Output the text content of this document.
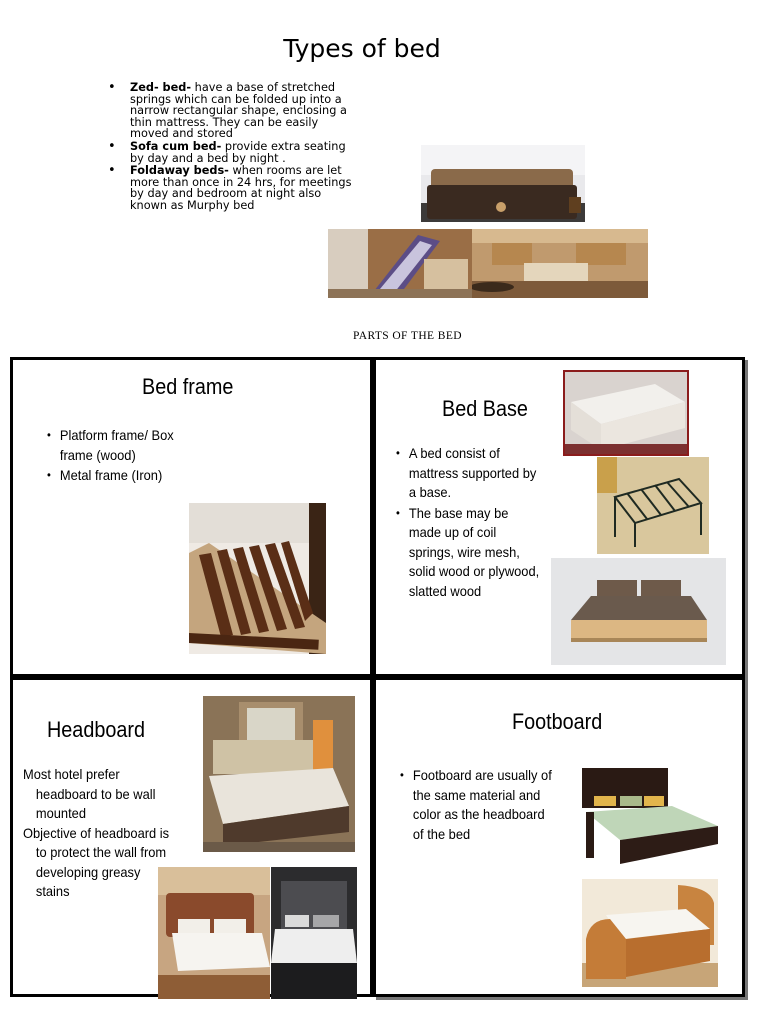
Types of bed
• Zed- bed- have a base of stretched springs which can be folded up into a narrow rectangular shape, enclosing a thin mattress. They can be easily moved and stored
• Sofa cum bed- provide extra seating by day and a bed by night .
• Foldaway beds- when rooms are let more than once in 24 hrs, for meetings by day and bedroom at night also known as Murphy bed
PARTS OF THE BED
Bed frame
• Platform frame/ Box frame (wood)
• Metal frame (Iron)
Bed Base
• A bed consist of mattress supported by a base.
• The base may be made up of coil springs, wire mesh, solid wood or plywood, slatted wood
Headboard

Most hotel prefer headboard to be wall mounted

Objective of headboard is to protect the wall from developing greasy stains

Footboard
• Footboard are usually of the same material and color as the headboard of the bed
